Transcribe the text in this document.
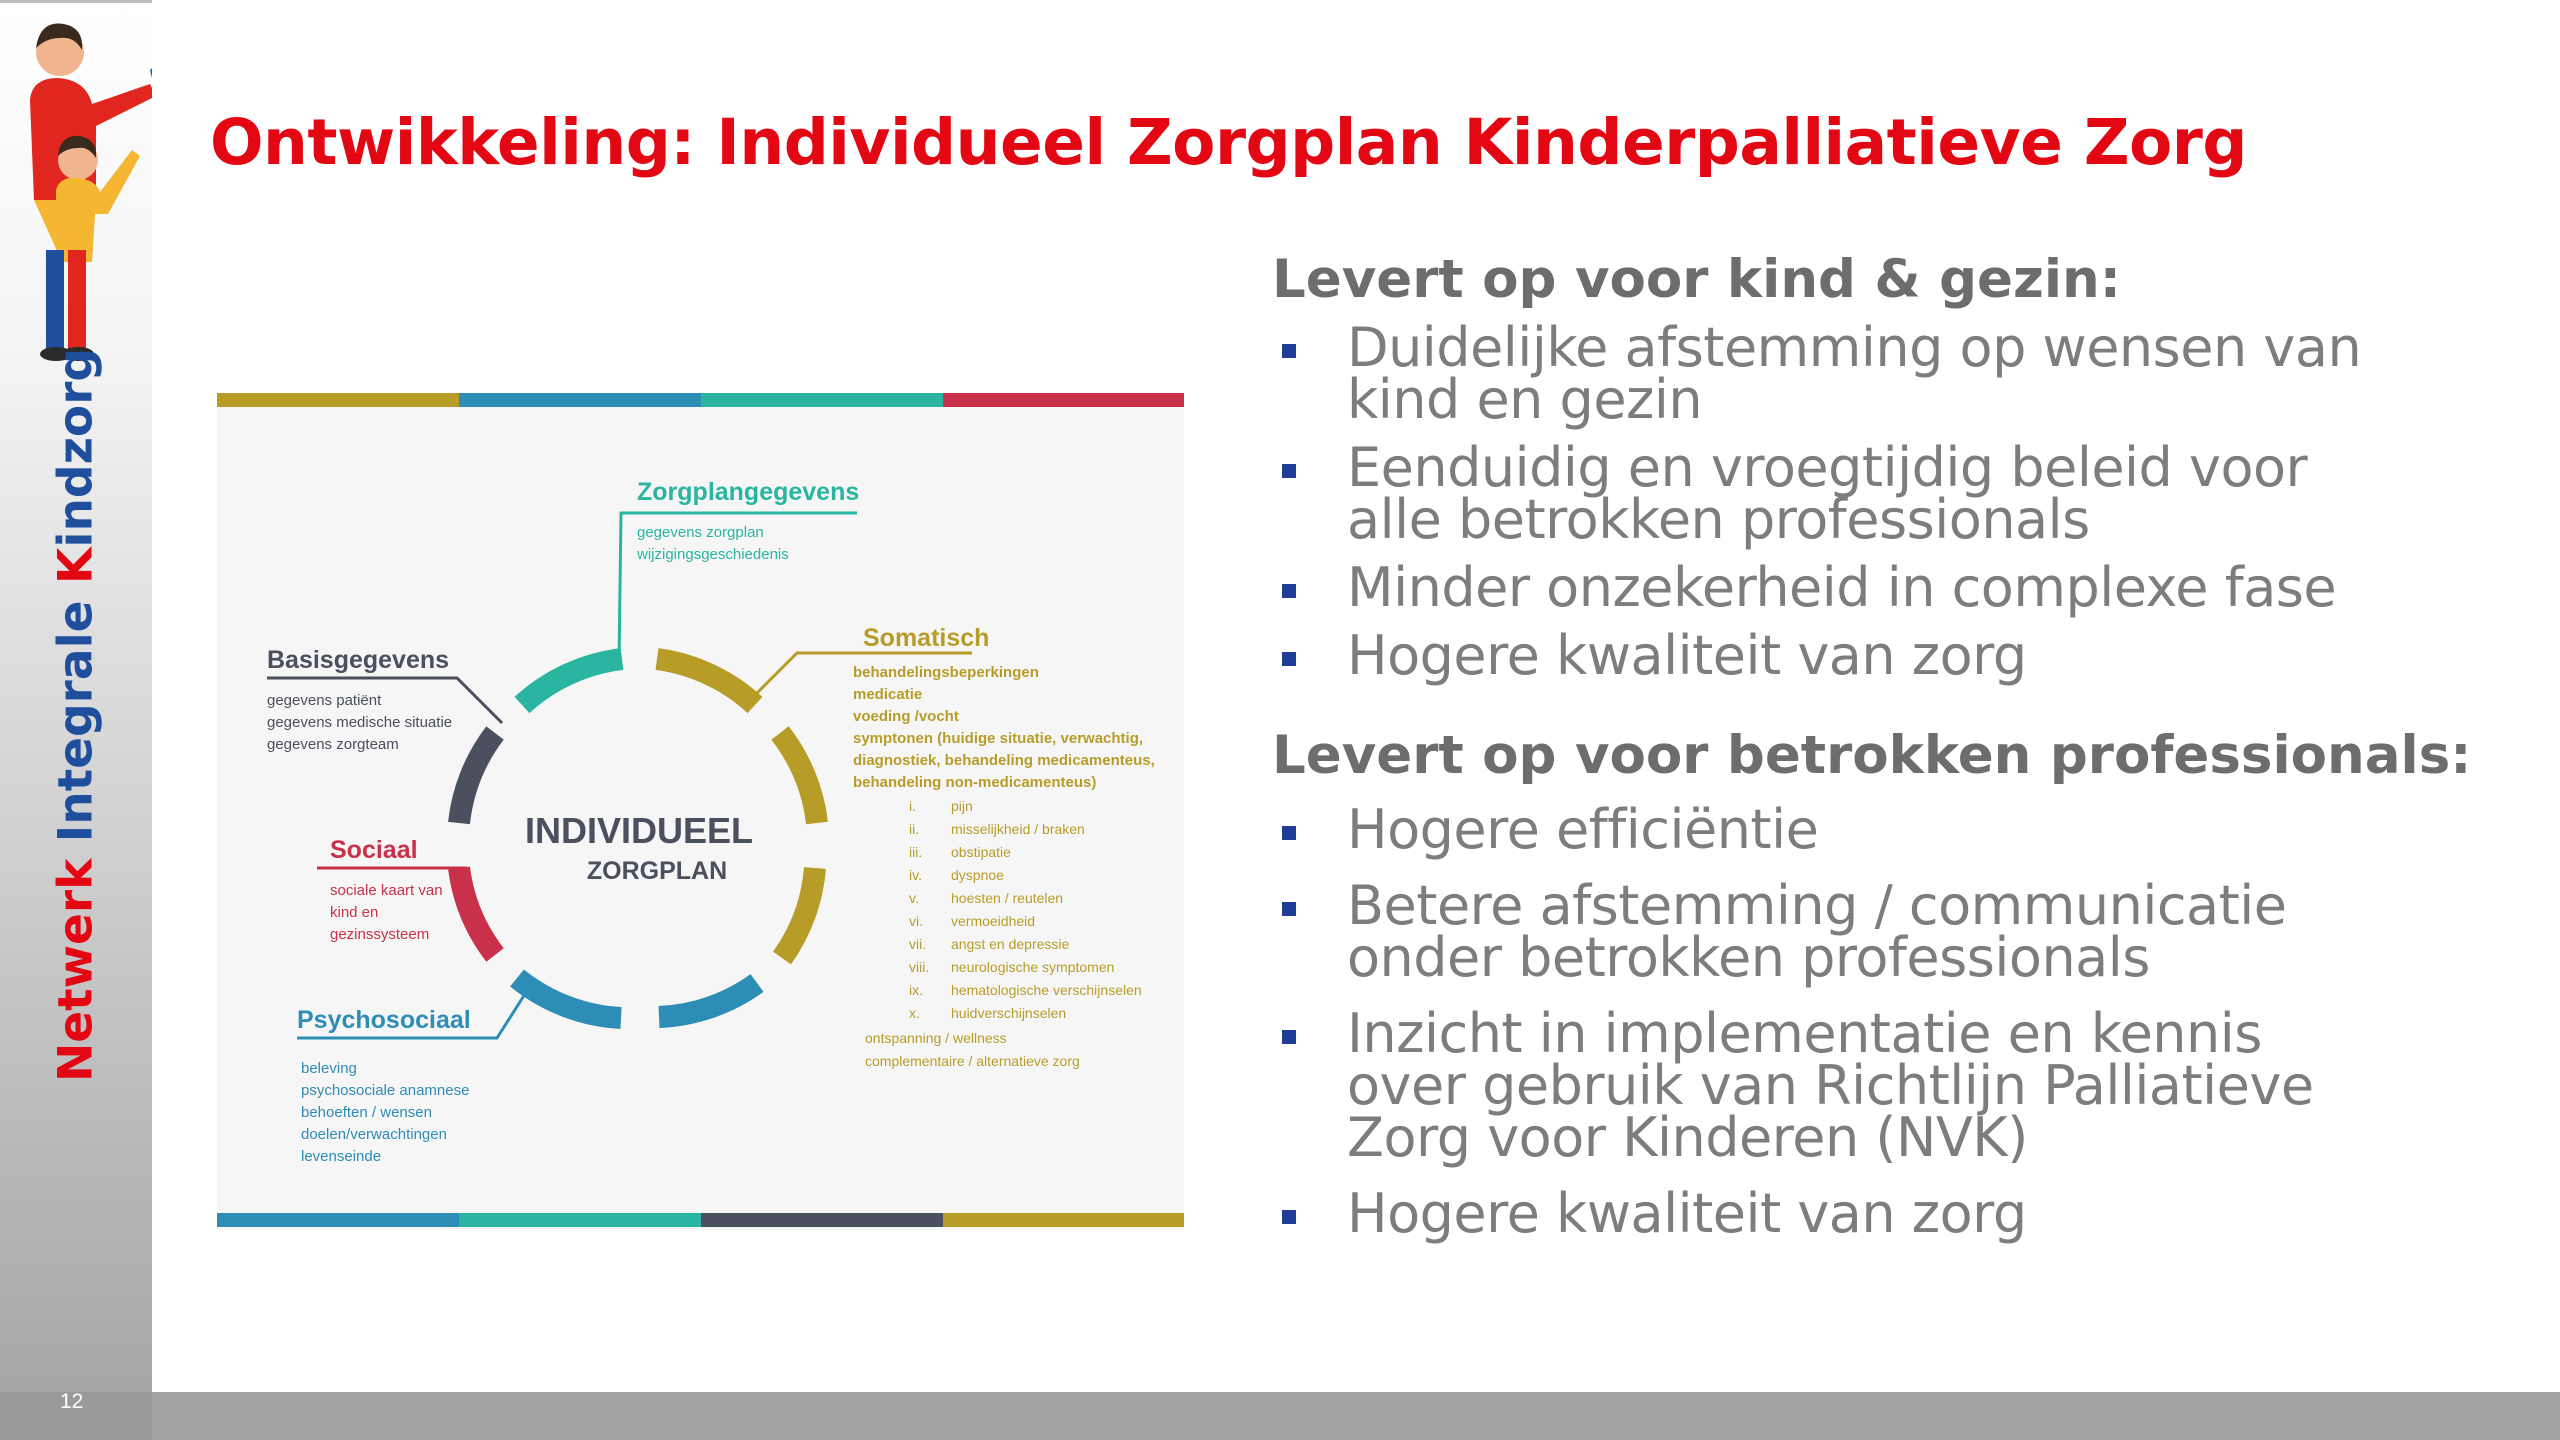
Netwerk Integrale Kindzorg
12
Ontwikkeling: Individueel Zorgplan Kinderpalliatieve Zorg
INDIVIDUEEL
ZORGPLAN
Zorgplangegevens
gegevens zorgplan
wijzigingsgeschiedenis
Basisgegevens
gegevens patiënt
gegevens medische situatie
gegevens zorgteam
Sociaal
sociale kaart van
kind en
gezinssysteem
Psychosociaal
beleving
psychosociale anamnese
behoeften / wensen
doelen/verwachtingen
levenseinde
Somatisch
behandelingsbeperkingen
medicatie
voeding /vocht
symptonen (huidige situatie, verwachtig,
diagnostiek, behandeling medicamenteus,
behandeling non-medicamenteus)
i.	pijn
ii. misselijkheid / braken
iii. obstipatie
iv. dyspnoe
v. hoesten / reutelen
vi. vermoeidheid
vii. angst en depressie
viii. neurologische symptomen
ix. hematologische verschijnselen
x. huidverschijnselen
ontspanning / wellness
complementaire / alternatieve zorg
Levert op voor kind & gezin:
Duidelijke afstemming op wensen van
kind en gezin
Eenduidig en vroegtijdig beleid voor
alle betrokken professionals
Minder onzekerheid in complexe fase
Hogere kwaliteit van zorg
Levert op voor betrokken professionals:
Hogere efficiëntie
Betere afstemming / communicatie
onder betrokken professionals
Inzicht in implementatie en kennis
over gebruik van Richtlijn Palliatieve
Zorg voor Kinderen (NVK)
Hogere kwaliteit van zorg
